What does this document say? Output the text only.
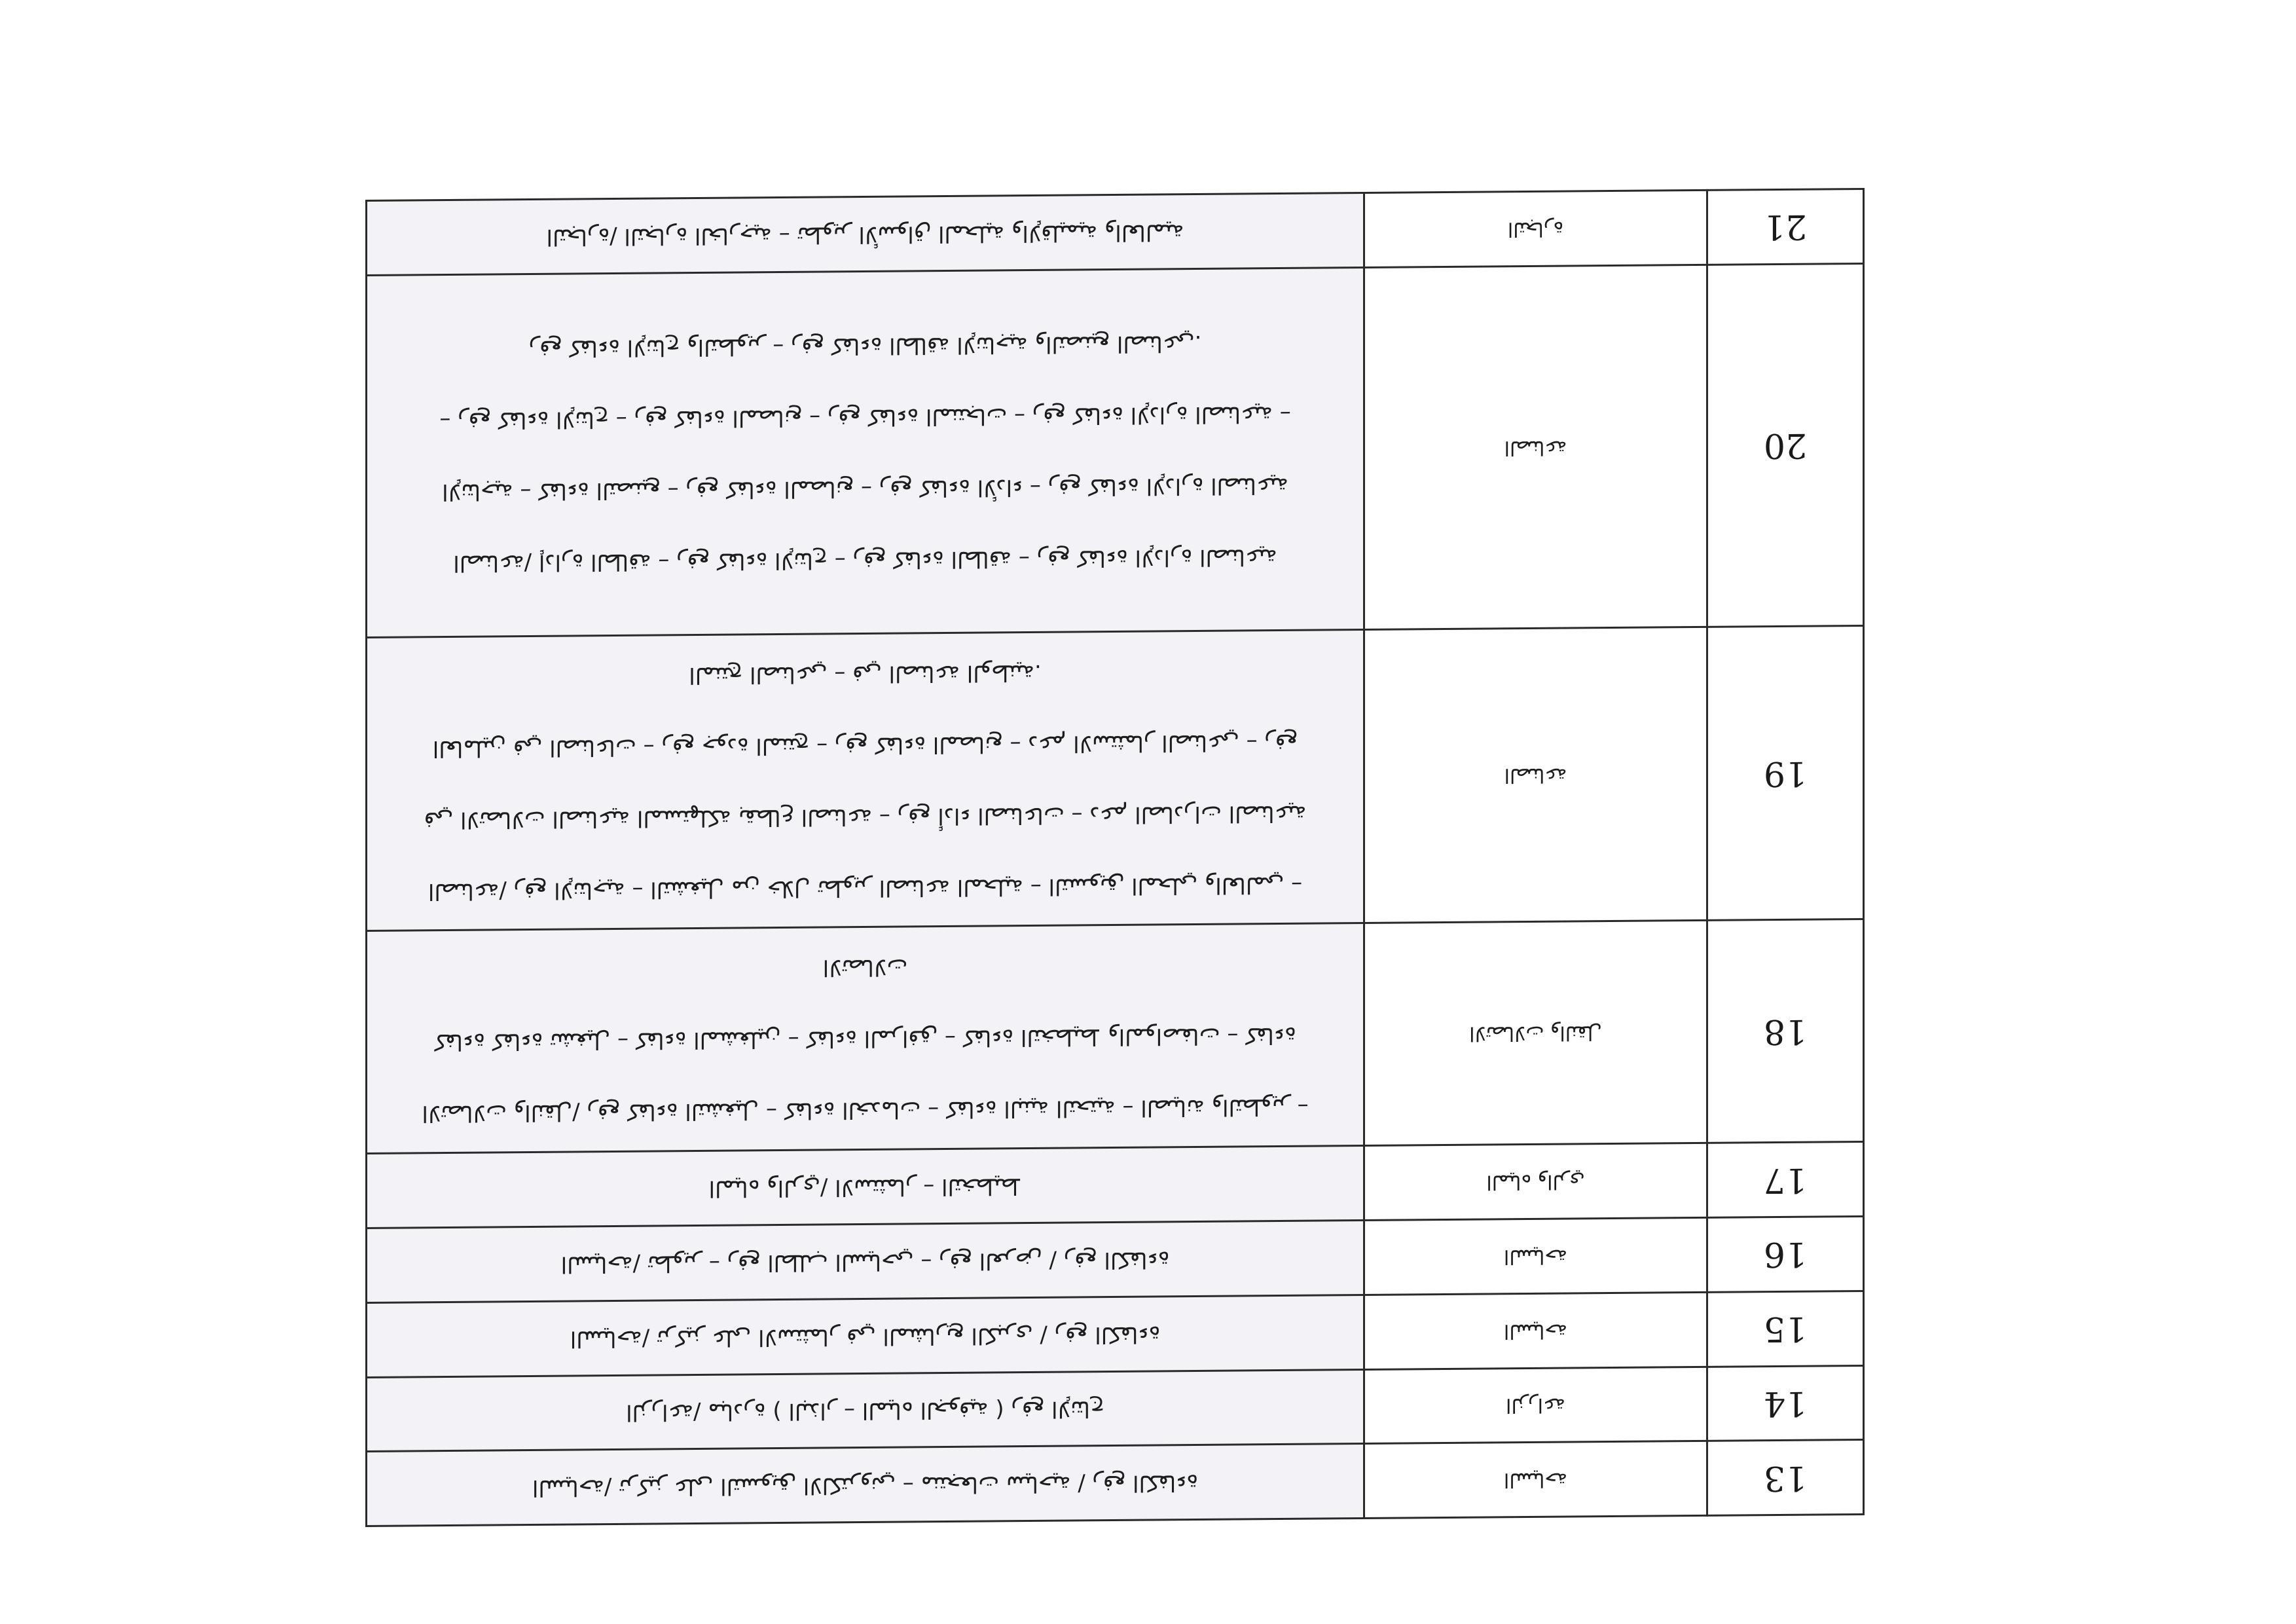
13	السياحة	السياحة/ تركيز على التسويق الالكتروني – منتجعات سياحية / رفع الكفاءة

14	الزراعة	الزراعة/ مبادرة ( البذار – المياه الجوفية ) رفع الإنتاج

15	السياحة	السياحة/ تركيز على الاستثمار في المشاريع الكبرى / رفع الكفاءة

16	السياحة	السياحة/ تطوير – رفع الطلب السياحي – رفع العرض / رفع الكفاءة

17	المياه والري	المياه والري/ الاستثمار – التخطيط

18	الاتصالات والنقل	الاتصالات والنقل/ رفع كفاءة التشغيل – كفاءة الخدمات – كفاءة البنية التحتية – الصيانة والتطوير –
كفاءة كفاءة تشغيل – كفاءة المشغلين – كفاءة المرافق – كفاءة التخطيط والمواصفات – كفاءة
الاتصالات

19	الصناعة	الصناعة/ رفع الإنتاجية – التشغيل من خلال تطوير الصناعة المحلية – التسويق المحلي والعالمي –
في الاتصالات الصناعية المستهلكة بقطاع الصناعة – رفع أداء الصناعات – دعم الصادرات الصناعية
العاملين في الصناعات – رفع جودة المنتج – رفع كفاءة المصانع – دعم الاستثمار الصناعي – رفع
المنتج الصناعي – في الصناعة الوطنية.

20	الصناعة	الصناعة/ إدارة الطاقة – رفع كفاءة الإنتاج – رفع كفاءة الطاقة – رفع كفاءة الإدارة الصناعية
الإنتاجية – كفاءة التصنيع – رفع كفاءة المصانع – رفع كفاءة الأداء – رفع كفاءة الإدارة الصناعية
– رفع كفاءة الإنتاج – رفع كفاءة المصانع – رفع كفاءة المنتجات – رفع كفاءة الإدارة الصناعية –
رفع كفاءة الإنتاج والتطوير – رفع كفاءة الطاقة الإنتاجية والتصنيع الصناعي.

21	التجارة	التجارة/ التجارة الخارجية – تطوير الأسواق المحلية والإقليمية والعالمية
